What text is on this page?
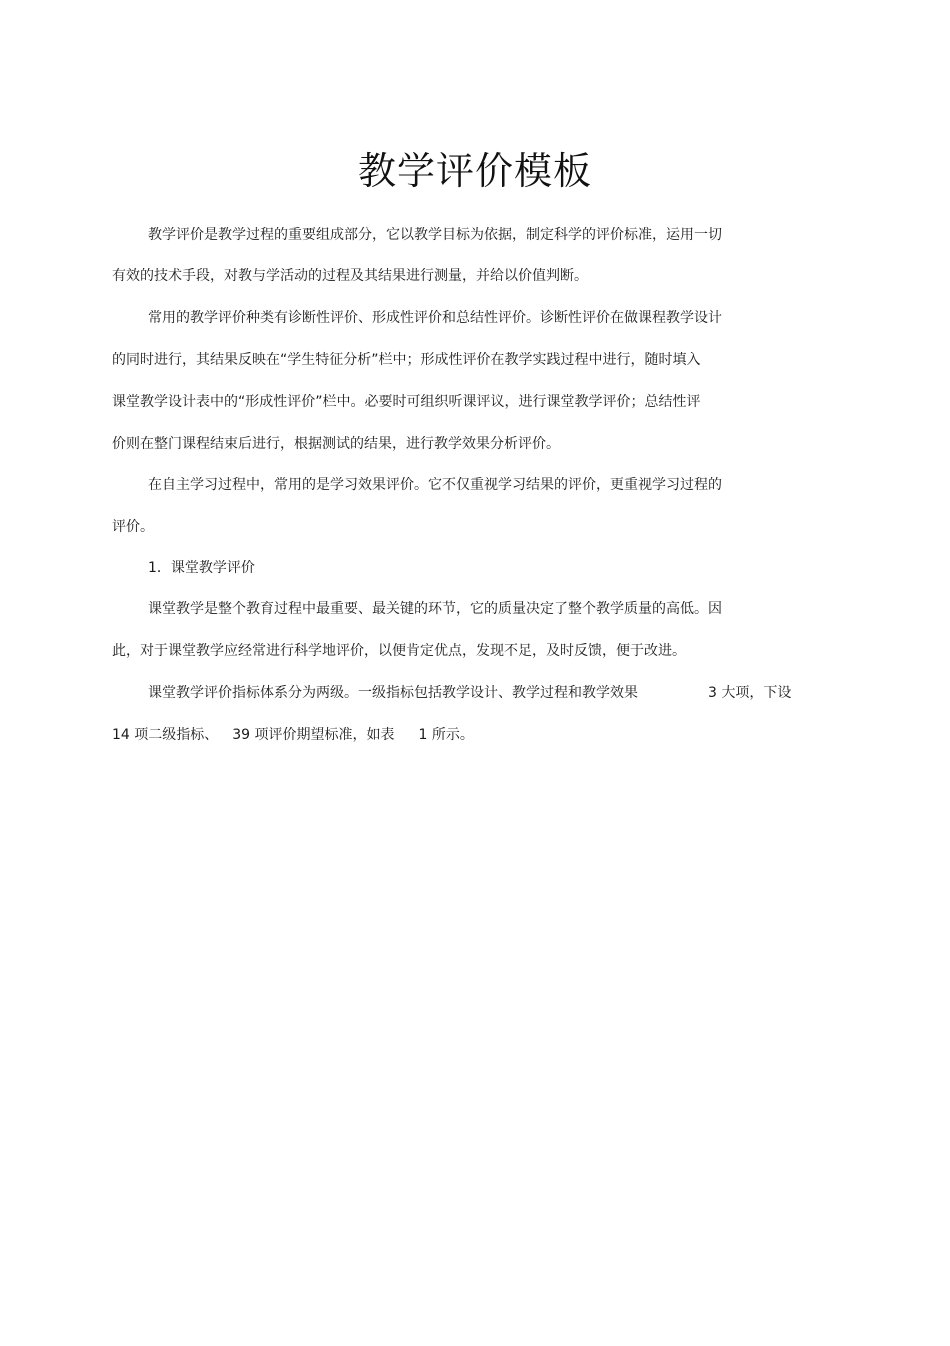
教学评价模板
教学评价是教学过程的重要组成部分，它以教学目标为依据，制定科学的评价标准，运用一切
有效的技术手段，对教与学活动的过程及其结果进行测量，并给以价值判断。
常用的教学评价种类有诊断性评价、形成性评价和总结性评价。诊断性评价在做课程教学设计
的同时进行，其结果反映在“学生特征分析”栏中；形成性评价在教学实践过程中进行，随时填入
课堂教学设计表中的“形成性评价”栏中。必要时可组织听课评议，进行课堂教学评价；总结性评
价则在整门课程结束后进行，根据测试的结果，进行教学效果分析评价。
在自主学习过程中，常用的是学习效果评价。它不仅重视学习结果的评价，更重视学习过程的
评价。
1．课堂教学评价
课堂教学是整个教育过程中最重要、最关键的环节，它的质量决定了整个教学质量的高低。因
此，对于课堂教学应经常进行科学地评价，以便肯定优点，发现不足，及时反馈，便于改进。
课堂教学评价指标体系分为两级。一级指标包括教学设计、教学过程和教学效果	3 大项，下设
14 项二级指标、 39 项评价期望标准，如表 1 所示。
